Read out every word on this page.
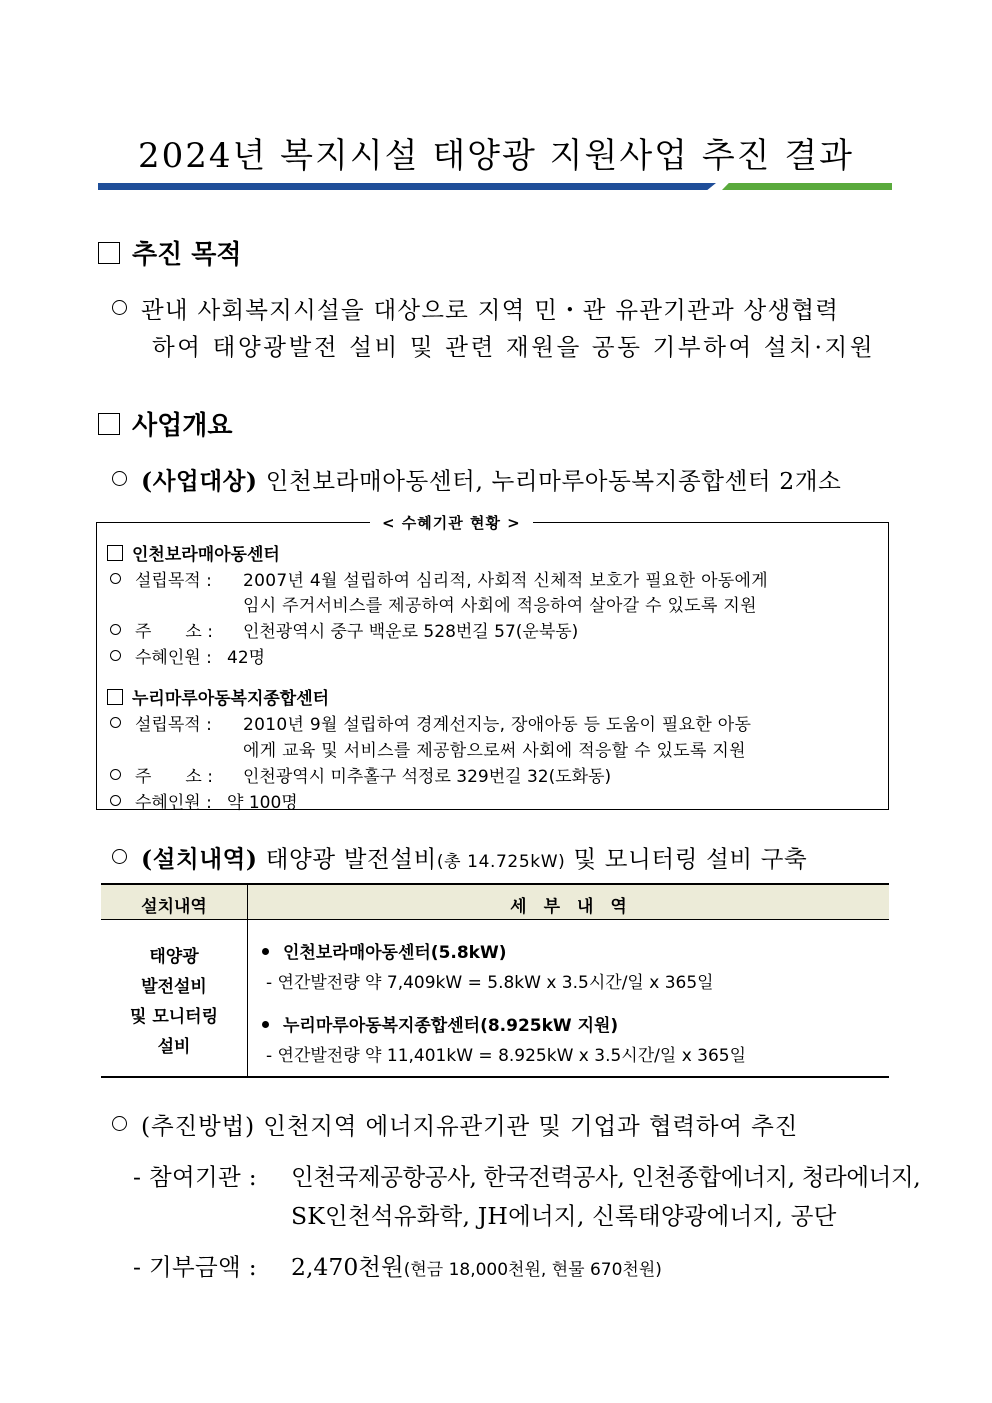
2024년 복지시설 태양광 지원사업 추진 결과
추진 목적
관내 사회복지시설을 대상으로 지역 민・관 유관기관과 상생협력
하여 태양광발전 설비 및 관련 재원을 공동 기부하여 설치·지원
사업개요
(사업대상) 인천보라매아동센터, 누리마루아동복지종합센터 2개소
< 수혜기관 현황 >
인천보라매아동센터
설립목적 : 2007년 4월 설립하여 심리적, 사회적 신체적 보호가 필요한 아동에게
임시 주거서비스를 제공하여 사회에 적응하여 살아갈 수 있도록 지원
주　　소 : 인천광역시 중구 백운로 528번길 57(운북동)
수혜인원 : 42명
누리마루아동복지종합센터
설립목적 : 2010년 9월 설립하여 경계선지능, 장애아동 등 도움이 필요한 아동
에게 교육 및 서비스를 제공함으로써 사회에 적응할 수 있도록 지원
주　　소 : 인천광역시 미추홀구 석정로 329번길 32(도화동)
수혜인원 : 약 100명
(설치내역) 태양광 발전설비(총 14.725kW) 및 모니터링 설비 구축
설치내역	세　부　내　역
태양광
발전설비
및 모니터링
설비
인천보라매아동센터(5.8kW)
- 연간발전량 약 7,409kW = 5.8kW x 3.5시간/일 x 365일
누리마루아동복지종합센터(8.925kW 지원)
- 연간발전량 약 11,401kW = 8.925kW x 3.5시간/일 x 365일
(추진방법) 인천지역 에너지유관기관 및 기업과 협력하여 추진
- 참여기관 : 인천국제공항공사, 한국전력공사, 인천종합에너지, 청라에너지,
SK인천석유화학, JH에너지, 신록태양광에너지, 공단
- 기부금액 : 2,470천원(현금 18,000천원, 현물 670천원)
